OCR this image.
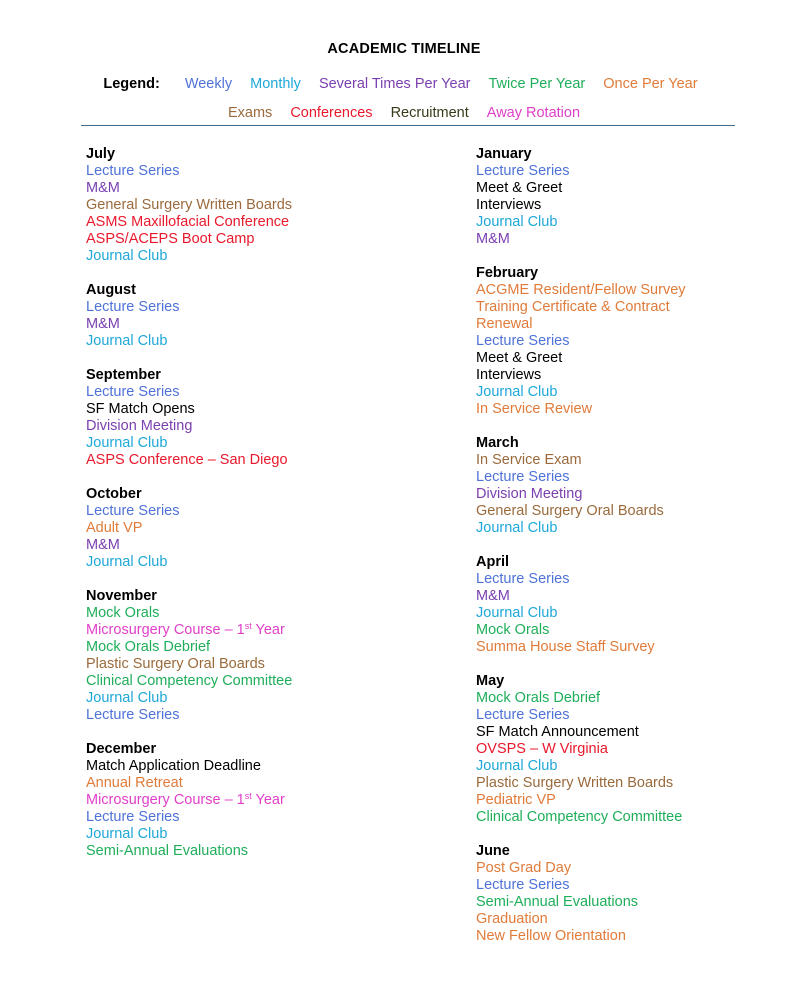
ACADEMIC TIMELINE
Legend: Weekly Monthly Several Times Per Year Twice Per Year Once Per Year
Exams Conferences Recruitment Away Rotation
July
Lecture Series
M&M
General Surgery Written Boards
ASMS Maxillofacial Conference
ASPS/ACEPS Boot Camp
Journal Club
August
Lecture Series
M&M
Journal Club
September
Lecture Series
SF Match Opens
Division Meeting
Journal Club
ASPS Conference – San Diego
October
Lecture Series
Adult VP
M&M
Journal Club
November
Mock Orals
Microsurgery Course – 1st Year
Mock Orals Debrief
Plastic Surgery Oral Boards
Clinical Competency Committee
Journal Club
Lecture Series
December
Match Application Deadline
Annual Retreat
Microsurgery Course – 1st Year
Lecture Series
Journal Club
Semi-Annual Evaluations
January
Lecture Series
Meet & Greet
Interviews
Journal Club
M&M
February
ACGME Resident/Fellow Survey
Training Certificate & Contract
Renewal
Lecture Series
Meet & Greet
Interviews
Journal Club
In Service Review
March
In Service Exam
Lecture Series
Division Meeting
General Surgery Oral Boards
Journal Club
April
Lecture Series
M&M
Journal Club
Mock Orals
Summa House Staff Survey
May
Mock Orals Debrief
Lecture Series
SF Match Announcement
OVSPS – W Virginia
Journal Club
Plastic Surgery Written Boards
Pediatric VP
Clinical Competency Committee
June
Post Grad Day
Lecture Series
Semi-Annual Evaluations
Graduation
New Fellow Orientation
